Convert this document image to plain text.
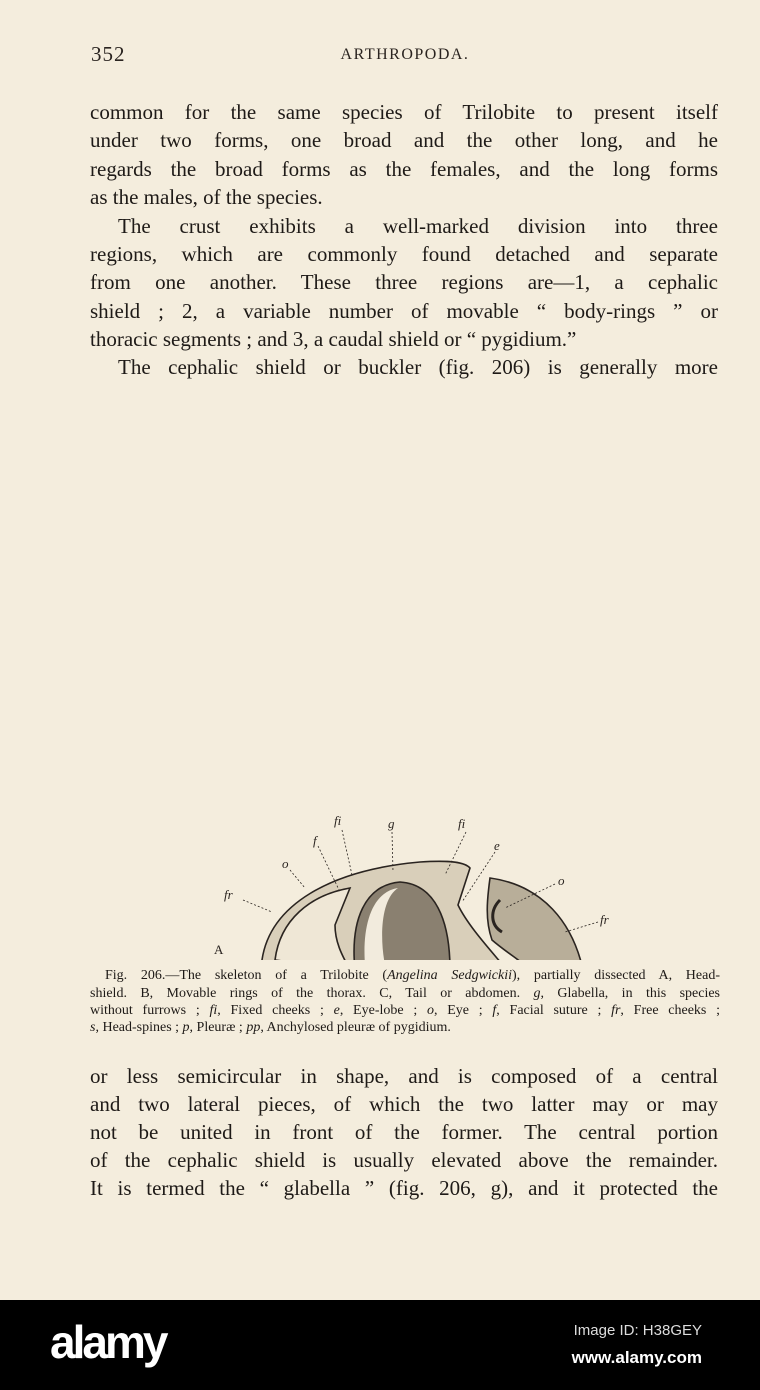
352	ARTHROPODA.
common for the same species of Trilobite to present itself
under two forms, one broad and the other long, and he
regards the broad forms as the females, and the long forms
as the males, of the species.
The crust exhibits a well-marked division into three
regions, which are commonly found detached and separate
from one another. These three regions are—1, a cephalic
shield ; 2, a variable number of movable “ body-rings ” or
thoracic segments ; and 3, a caudal shield or “ pygidium.”
The cephalic shield or buckler (fig. 206) is generally more
fi	g	fi
e
f
o
o
fr
fr
A
Fig. 206.—The skeleton of a Trilobite (Angelina Sedgwickii), partially dissected A, Head-
shield. B, Movable rings of the thorax. C, Tail or abdomen. g, Glabella, in this species
without furrows ; fi, Fixed cheeks ; e, Eye-lobe ; o, Eye ; f, Facial suture ; fr, Free cheeks ;
s, Head-spines ; p, Pleuræ ; pp, Anchylosed pleuræ of pygidium.
or less semicircular in shape, and is composed of a central
and two lateral pieces, of which the two latter may or may
not be united in front of the former. The central portion
of the cephalic shield is usually elevated above the remainder.
It is termed the “ glabella ” (fig. 206, g), and it protected the
alamy	Image ID: H38GEY
www.alamy.com
